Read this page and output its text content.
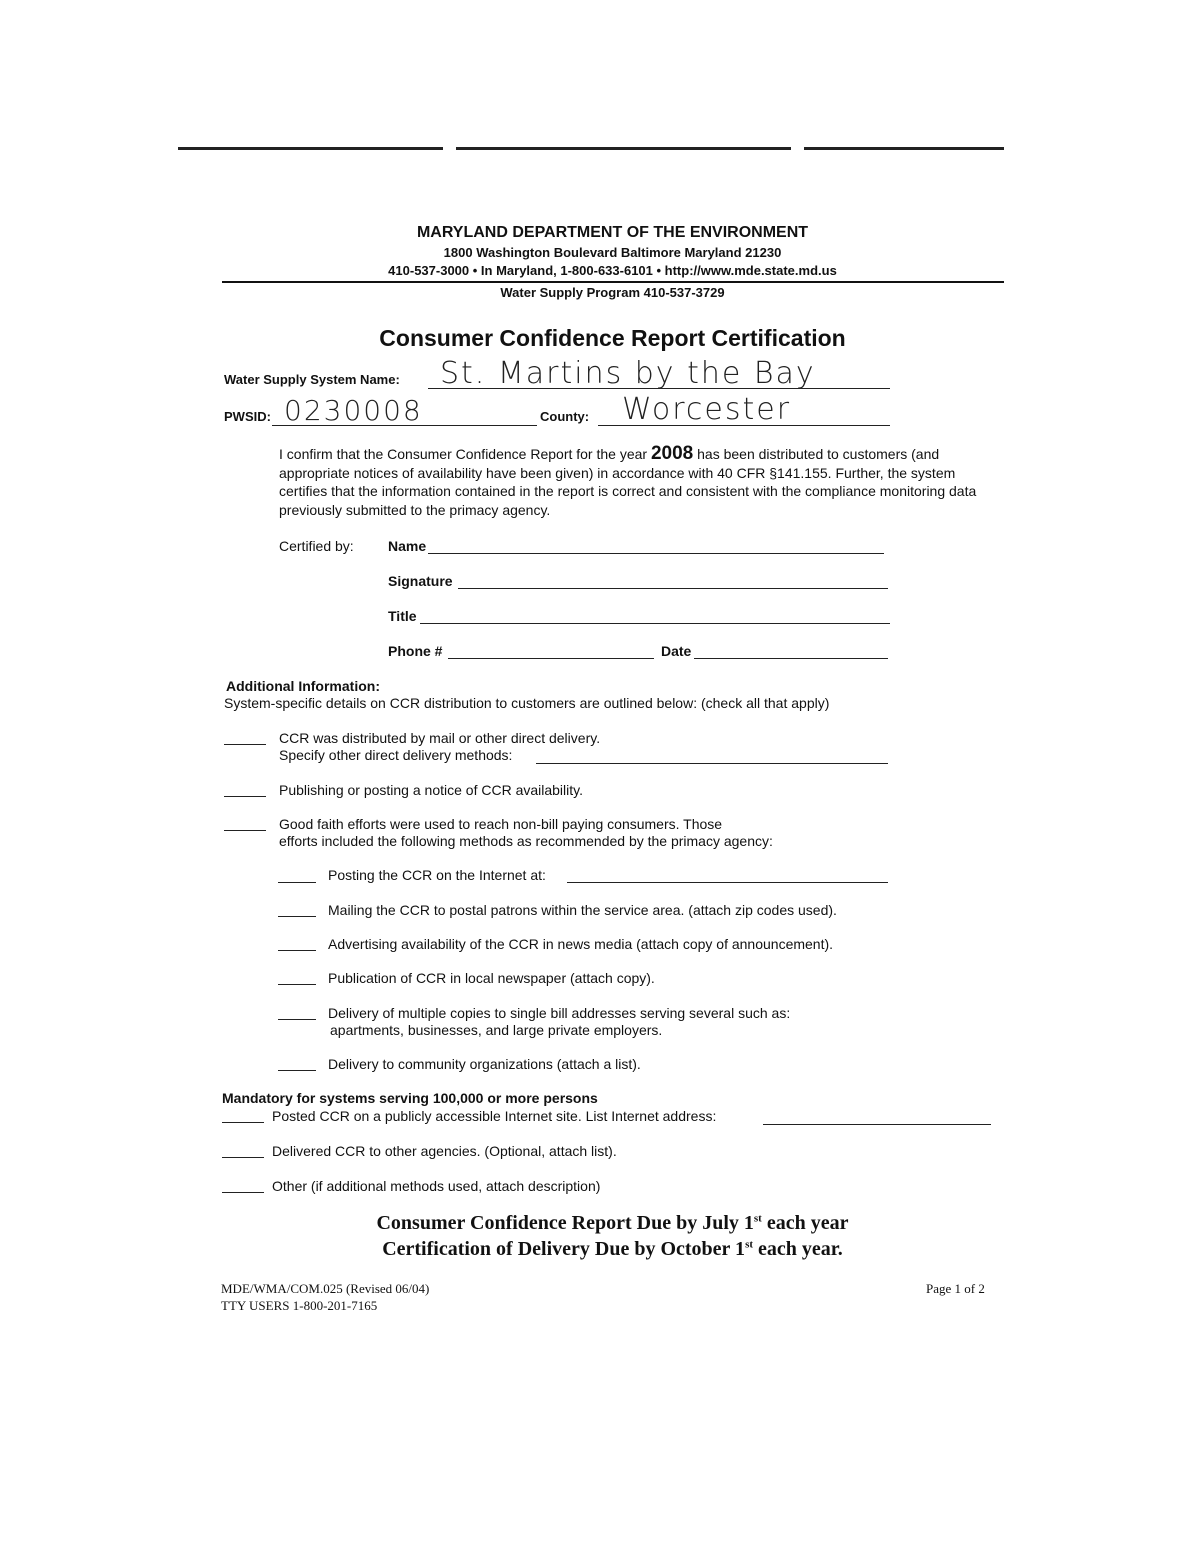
MARYLAND DEPARTMENT OF THE ENVIRONMENT
1800 Washington Boulevard Baltimore Maryland 21230
410-537-3000 • In Maryland, 1-800-633-6101 • http://www.mde.state.md.us
Water Supply Program 410-537-3729
Consumer Confidence Report Certification
Water Supply System Name: St. Martins by the Bay
PWSID: 0230008	County: Worcester
I confirm that the Consumer Confidence Report for the year 2008 has been distributed to customers (and appropriate notices of availability have been given) in accordance with 40 CFR §141.155. Further, the system certifies that the information contained in the report is correct and consistent with the compliance monitoring data previously submitted to the primacy agency.
Certified by: Name
Signature
Title
Phone #	Date
Additional Information:
System-specific details on CCR distribution to customers are outlined below: (check all that apply)
CCR was distributed by mail or other direct delivery.
Specify other direct delivery methods:
Publishing or posting a notice of CCR availability.
Good faith efforts were used to reach non-bill paying consumers. Those
efforts included the following methods as recommended by the primacy agency:
Posting the CCR on the Internet at:
Mailing the CCR to postal patrons within the service area. (attach zip codes used).
Advertising availability of the CCR in news media (attach copy of announcement).
Publication of CCR in local newspaper (attach copy).
Delivery of multiple copies to single bill addresses serving several such as:
apartments, businesses, and large private employers.
Delivery to community organizations (attach a list).
Mandatory for systems serving 100,000 or more persons
Posted CCR on a publicly accessible Internet site. List Internet address:
Delivered CCR to other agencies. (Optional, attach list).
Other (if additional methods used, attach description)
Consumer Confidence Report Due by July 1st each year
Certification of Delivery Due by October 1st each year.
MDE/WMA/COM.025 (Revised 06/04)
TTY USERS 1-800-201-7165
Page 1 of 2
